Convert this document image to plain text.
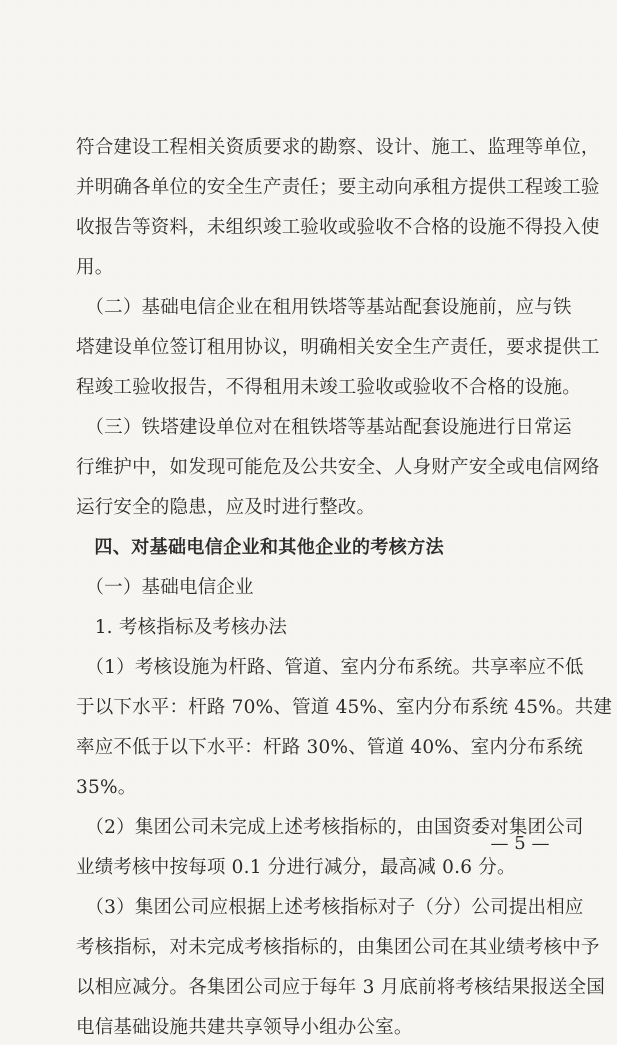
符合建设工程相关资质要求的勘察、设计、施工、监理等单位，

并明确各单位的安全生产责任；要主动向承租方提供工程竣工验

收报告等资料，未组织竣工验收或验收不合格的设施不得投入使

用。

　（二）基础电信企业在租用铁塔等基站配套设施前，应与铁

塔建设单位签订租用协议，明确相关安全生产责任，要求提供工

程竣工验收报告，不得租用未竣工验收或验收不合格的设施。

　（三）铁塔建设单位对在租铁塔等基站配套设施进行日常运

行维护中，如发现可能危及公共安全、人身财产安全或电信网络

运行安全的隐患，应及时进行整改。

　四、对基础电信企业和其他企业的考核方法

　（一）基础电信企业

　1. 考核指标及考核办法

　（1）考核设施为杆路、管道、室内分布系统。共享率应不低

于以下水平：杆路 70%、管道 45%、室内分布系统 45%。共建

率应不低于以下水平：杆路 30%、管道 40%、室内分布系统

35%。

　（2）集团公司未完成上述考核指标的，由国资委对集团公司

业绩考核中按每项 0.1 分进行减分，最高减 0.6 分。

　（3）集团公司应根据上述考核指标对子（分）公司提出相应

考核指标，对未完成考核指标的，由集团公司在其业绩考核中予

以相应减分。各集团公司应于每年 3 月底前将考核结果报送全国

电信基础设施共建共享领导小组办公室。

— 5 —
